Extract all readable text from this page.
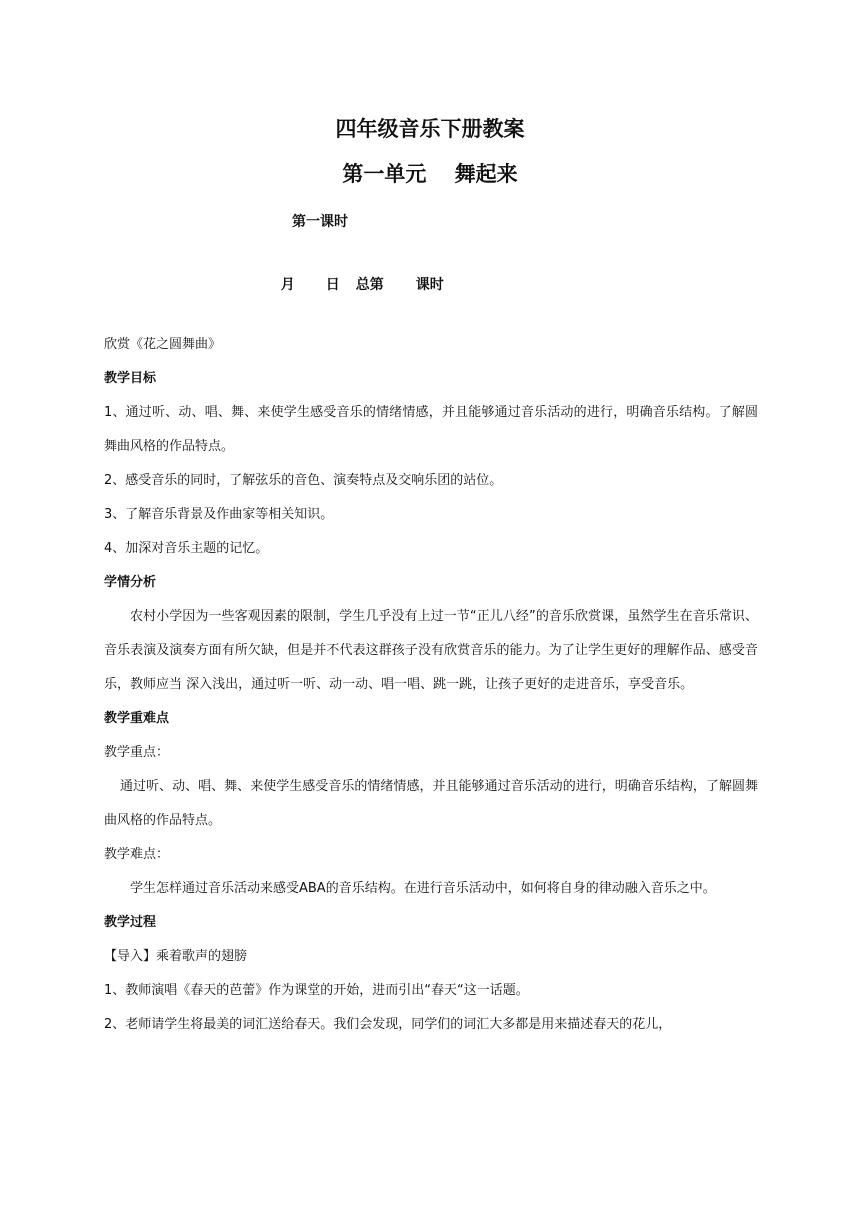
四年级音乐下册教案
第一单元　 舞起来
第一课时

月 日 总第 课时

欣赏《花之圆舞曲》

教学目标

1、通过听、动、唱、舞、来使学生感受音乐的情绪情感，并且能够通过音乐活动的进行，明确音乐结构。了解圆舞曲风格的作品特点。

2、感受音乐的同时，了解弦乐的音色、演奏特点及交响乐团的站位。

3、了解音乐背景及作曲家等相关知识。

4、加深对音乐主题的记忆。

学情分析

农村小学因为一些客观因素的限制，学生几乎没有上过一节“正儿八经”的音乐欣赏课，虽然学生在音乐常识、音乐表演及演奏方面有所欠缺，但是并不代表这群孩子没有欣赏音乐的能力。为了让学生更好的理解作品、感受音乐，教师应当 深入浅出，通过听一听、动一动、唱一唱、跳一跳，让孩子更好的走进音乐，享受音乐。

教学重难点

教学重点：

通过听、动、唱、舞、来使学生感受音乐的情绪情感，并且能够通过音乐活动的进行，明确音乐结构，了解圆舞曲风格的作品特点。

教学难点：

学生怎样通过音乐活动来感受ABA的音乐结构。在进行音乐活动中，如何将自身的律动融入音乐之中。

教学过程

【导入】乘着歌声的翅膀

1、教师演唱《春天的芭蕾》作为课堂的开始，进而引出“春天“这一话题。

2、老师请学生将最美的词汇送给春天。我们会发现，同学们的词汇大多都是用来描述春天的花儿，
